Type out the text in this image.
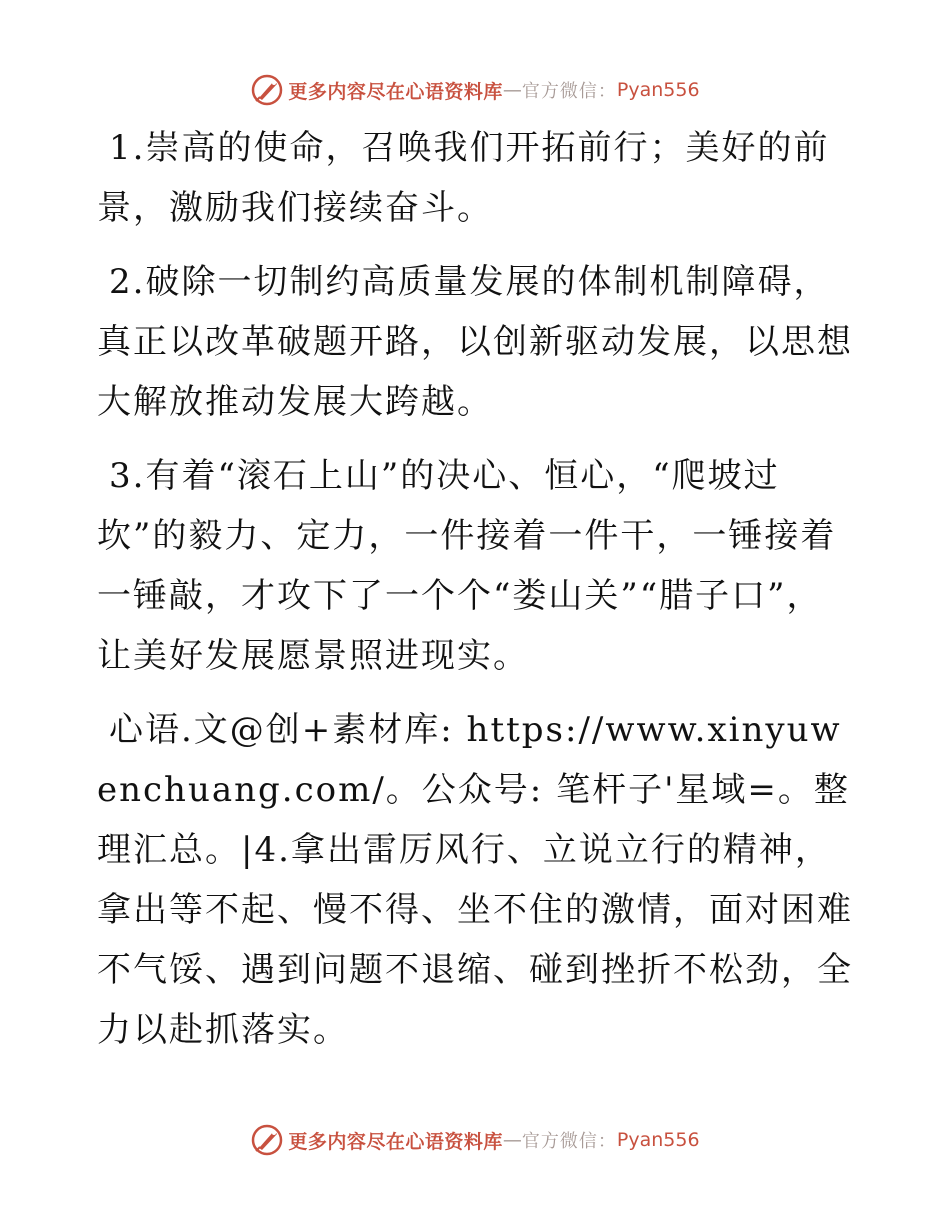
更多内容尽在心语资料库 — 官方微信： Pyan556

1.崇高的使命，召唤我们开拓前行；美好的前景，激励我们接续奋斗。

2.破除一切制约高质量发展的体制机制障碍，真正以改革破题开路，以创新驱动发展，以思想大解放推动发展大跨越。

3.有着“滚石上山”的决心、恒心，“爬坡过坎”的毅力、定力，一件接着一件干，一锤接着一锤敲，才攻下了一个个“娄山关”“腊子口”，让美好发展愿景照进现实。

心语.文@创+素材库: https://www.xinyuwenchuang.com/。公众号: 笔杆子'星域=。整理汇总。|4.拿出雷厉风行、立说立行的精神，拿出等不起、慢不得、坐不住的激情，面对困难不气馁、遇到问题不退缩、碰到挫折不松劲，全力以赴抓落实。

更多内容尽在心语资料库 — 官方微信： Pyan556
